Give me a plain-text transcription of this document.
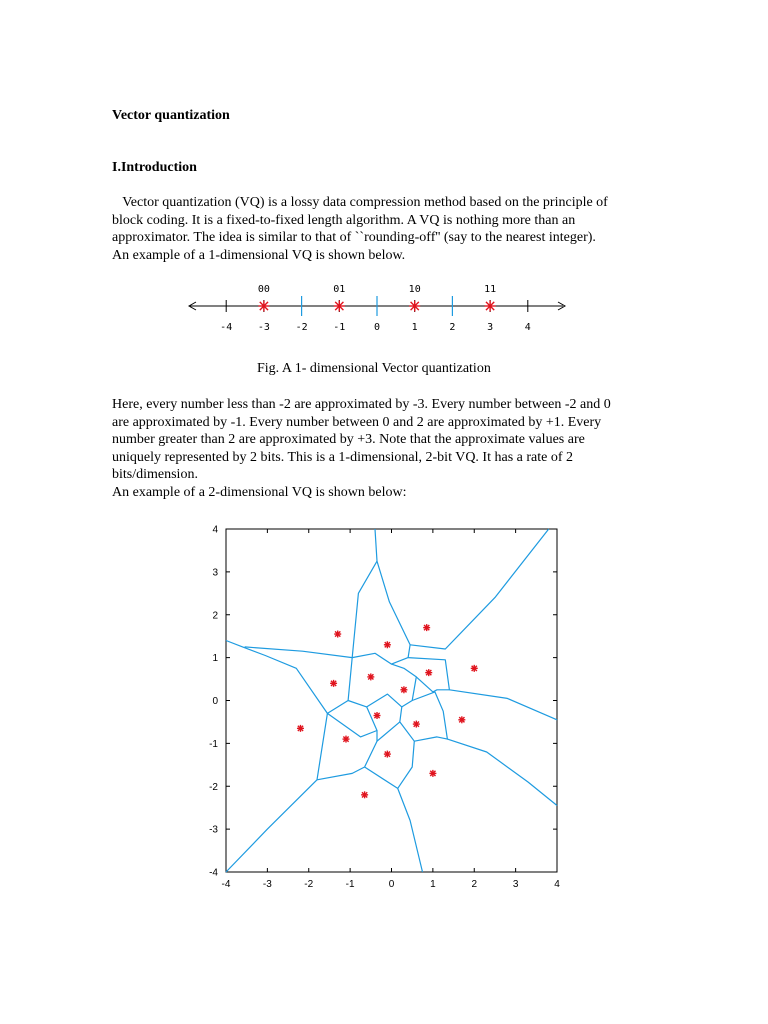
Vector quantization
I.Introduction
Vector quantization (VQ) is a lossy data compression method based on the principle of
block coding. It is a fixed-to-fixed length algorithm. A VQ is nothing more than an
approximator. The idea is similar to that of ``rounding-off'' (say to the nearest integer).
An example of a 1-dimensional VQ is shown below.
-4	-3	-2	-1	0	1	2	3	4
00	01	10	11
Fig. A 1- dimensional Vector quantization
Here, every number less than -2 are approximated by -3. Every number between -2 and 0
are approximated by -1. Every number between 0 and 2 are approximated by +1. Every
number greater than 2 are approximated by +3. Note that the approximate values are
uniquely represented by 2 bits. This is a 1-dimensional, 2-bit VQ. It has a rate of 2
bits/dimension.
An example of a 2-dimensional VQ is shown below:
-4	-3	-2	-1	0	1	2	3	4
4
3
2
1
0
-1
-2
-3
-4
